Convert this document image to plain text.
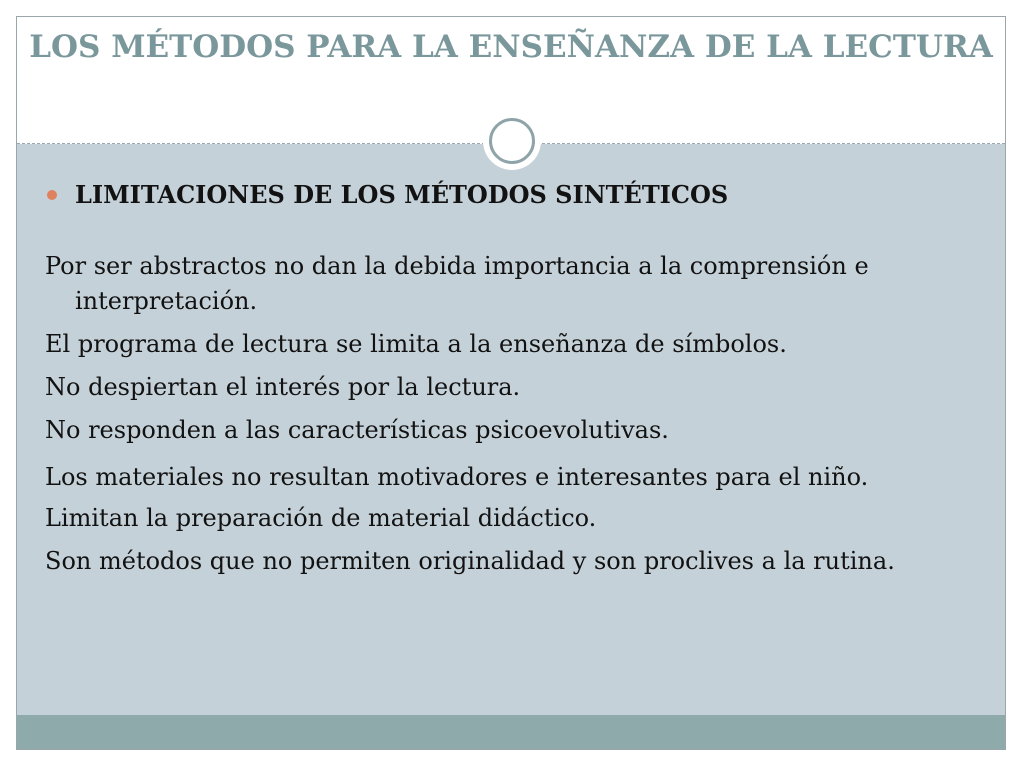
LOS MÉTODOS PARA LA ENSEÑANZA DE LA LECTURA
LIMITACIONES DE LOS MÉTODOS SINTÉTICOS
Por ser abstractos no dan la debida importancia a la comprensión e interpretación.
El programa de lectura se limita a la enseñanza de símbolos.
No despiertan el interés por la lectura.
No responden a las características psicoevolutivas.
Los materiales no resultan motivadores e interesantes para el niño.
Limitan la preparación de material didáctico.
Son métodos que no permiten originalidad y son proclives a la rutina.
